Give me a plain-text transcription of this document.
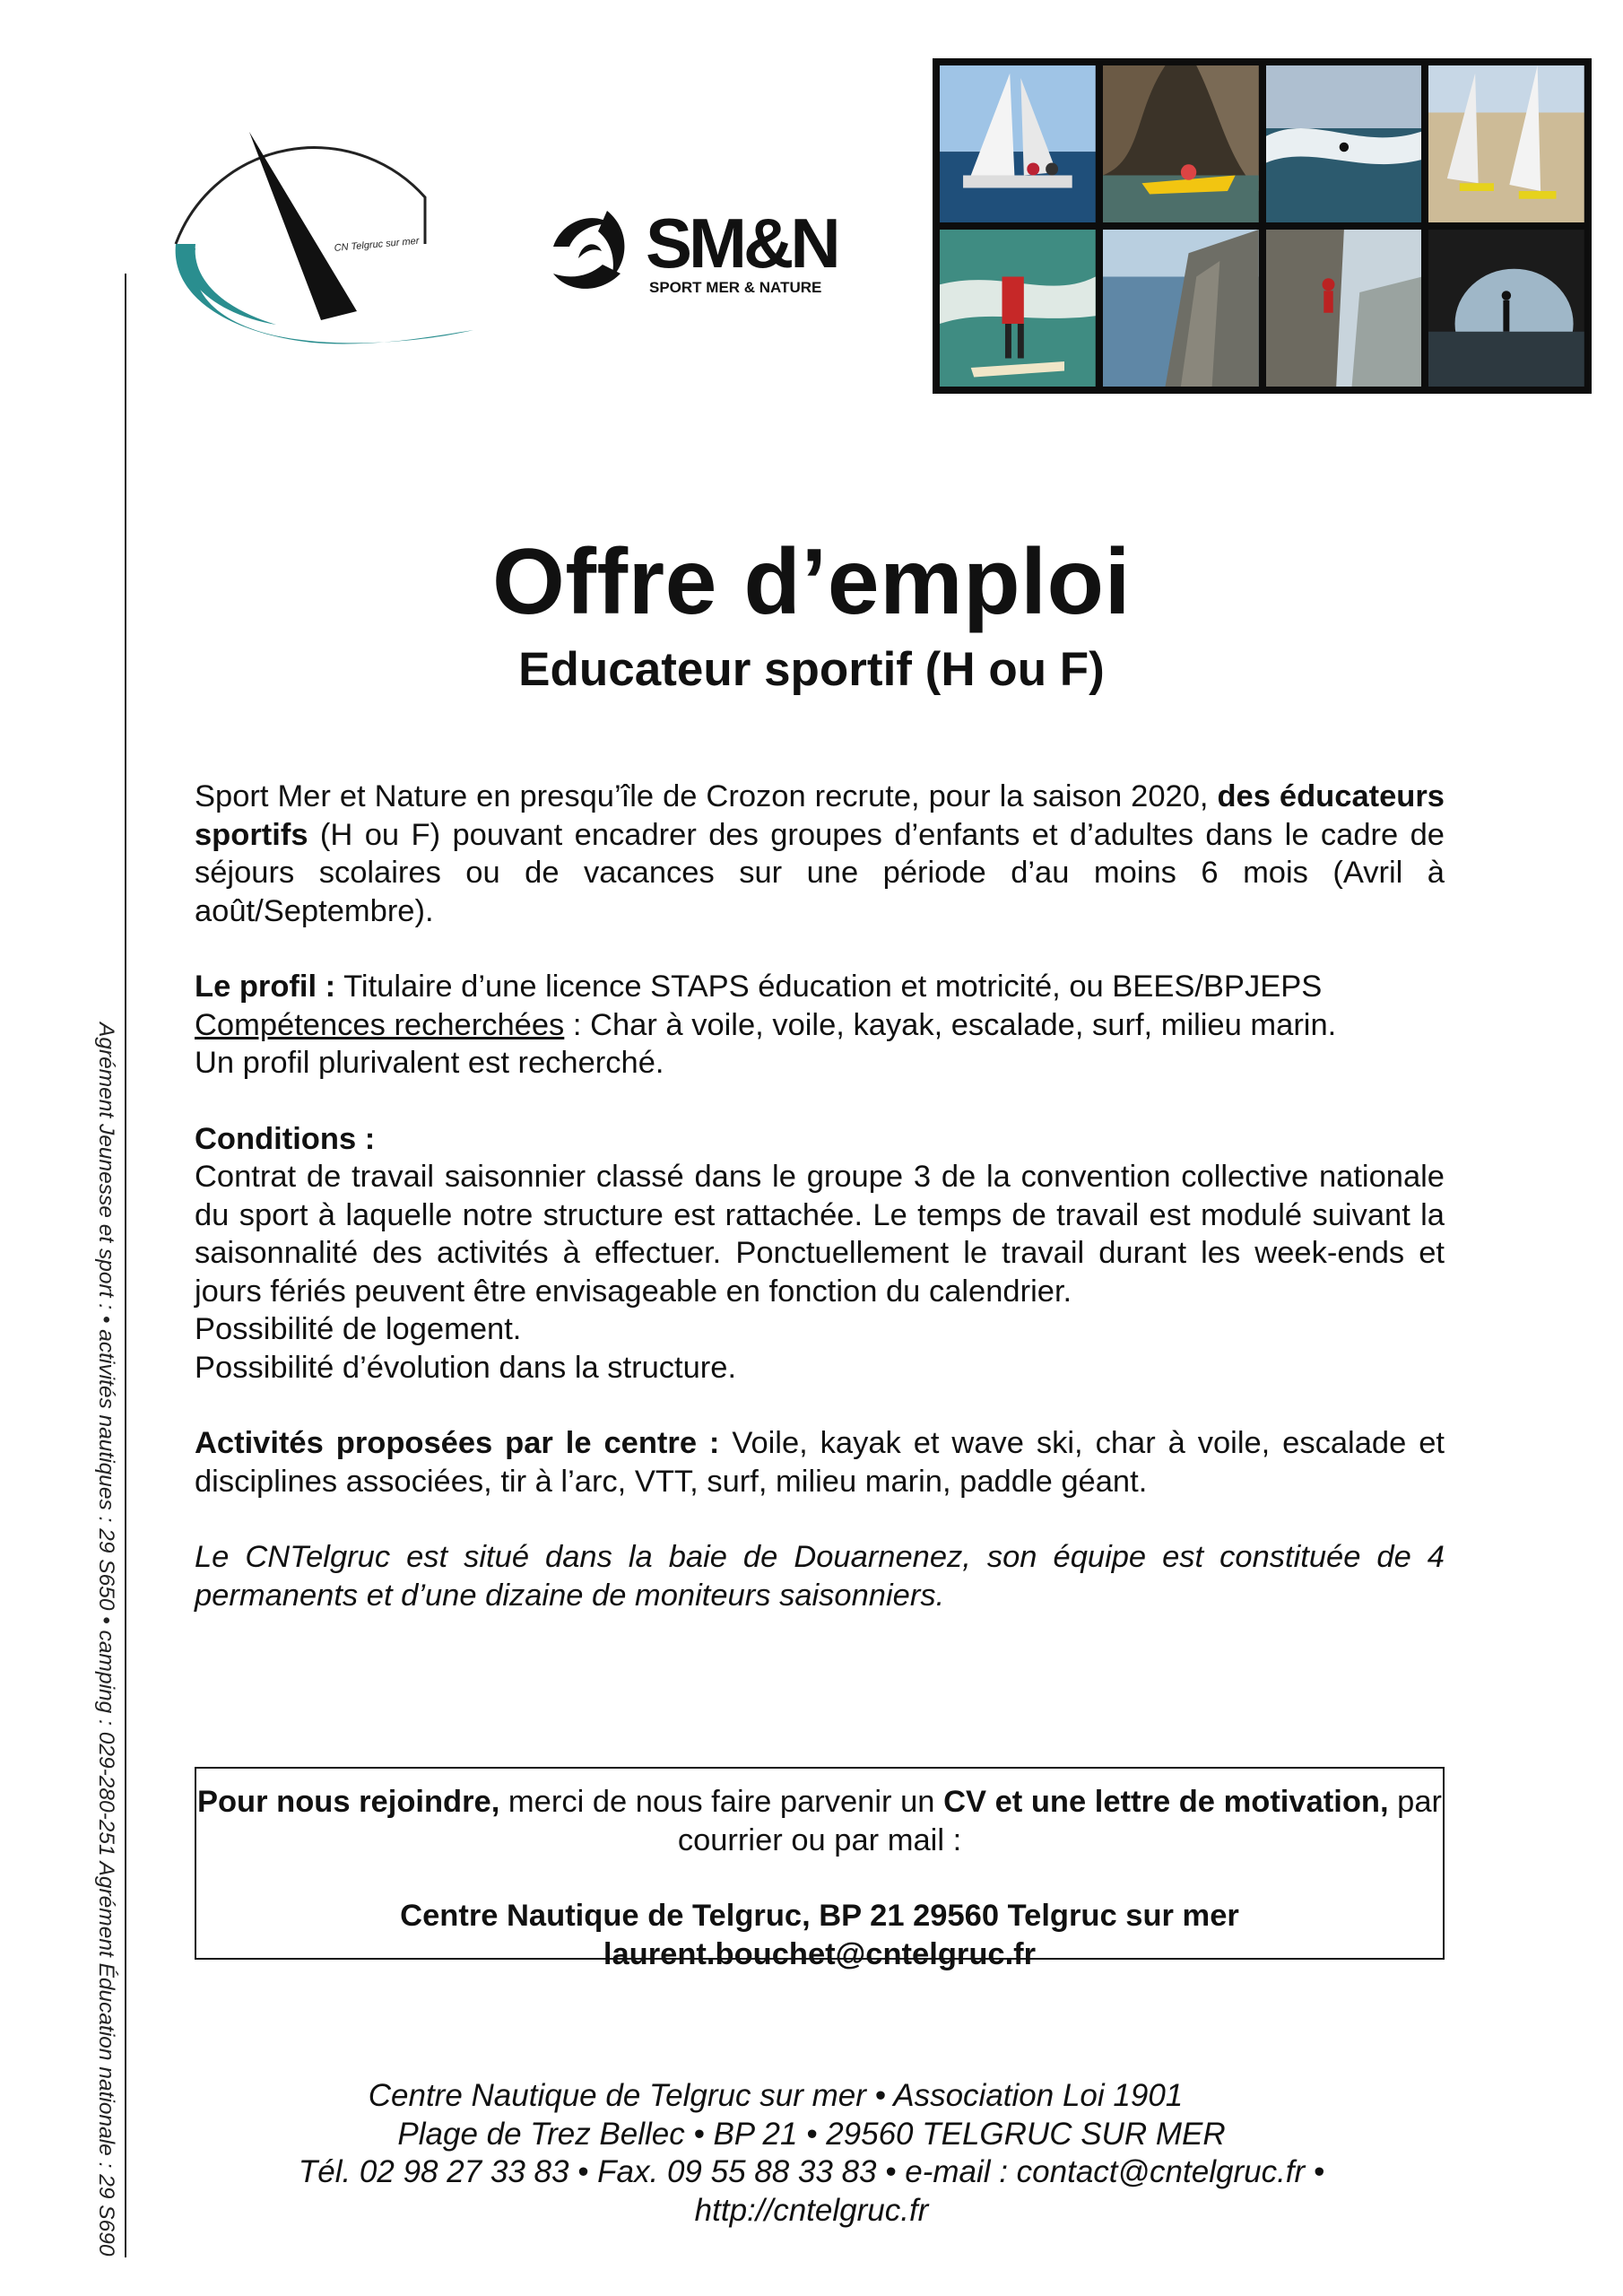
Agrément Jeunesse et sport : • activités nautiques : 29 S650 • camping : 029-280-251 Agrément Éducation nationale : 29 S690
CN Telgruc sur mer	SM&N
SPORT MER & NATURE
Offre d’emploi
Educateur sportif (H ou F)

Sport Mer et Nature en presqu’île de Crozon recrute, pour la saison 2020, des éducateurs sportifs (H ou F) pouvant encadrer des groupes d’enfants et d’adultes dans le cadre de séjours scolaires ou de vacances sur une période d’au moins 6 mois (Avril à août/Septembre).

Le profil : Titulaire d’une licence STAPS éducation et motricité, ou BEES/BPJEPS

Compétences recherchées : Char à voile, voile, kayak, escalade, surf, milieu marin.

Un profil plurivalent est recherché.

Conditions :

Contrat de travail saisonnier classé dans le groupe 3 de la convention collective nationale du sport à laquelle notre structure est rattachée. Le temps de travail est modulé suivant la saisonnalité des activités à effectuer. Ponctuellement le travail durant les week-ends et jours fériés peuvent être envisageable en fonction du calendrier.

Possibilité de logement.

Possibilité d’évolution dans la structure.

Activités proposées par le centre : Voile, kayak et wave ski, char à voile, escalade et disciplines associées, tir à l’arc, VTT, surf, milieu marin, paddle géant.

Le CNTelgruc est situé dans la baie de Douarnenez, son équipe est constituée de 4 permanents et d’une dizaine de moniteurs saisonniers.

Pour nous rejoindre, merci de nous faire parvenir un CV et une lettre de motivation, par courrier ou par mail :

Centre Nautique de Telgruc, BP 21 29560 Telgruc sur mer

laurent.bouchet@cntelgruc.fr

Centre Nautique de Telgruc sur mer • Association Loi 1901

Plage de Trez Bellec • BP 21 • 29560 TELGRUC SUR MER

Tél. 02 98 27 33 83 • Fax. 09 55 88 33 83 • e-mail : contact@cntelgruc.fr •

http://cntelgruc.fr
